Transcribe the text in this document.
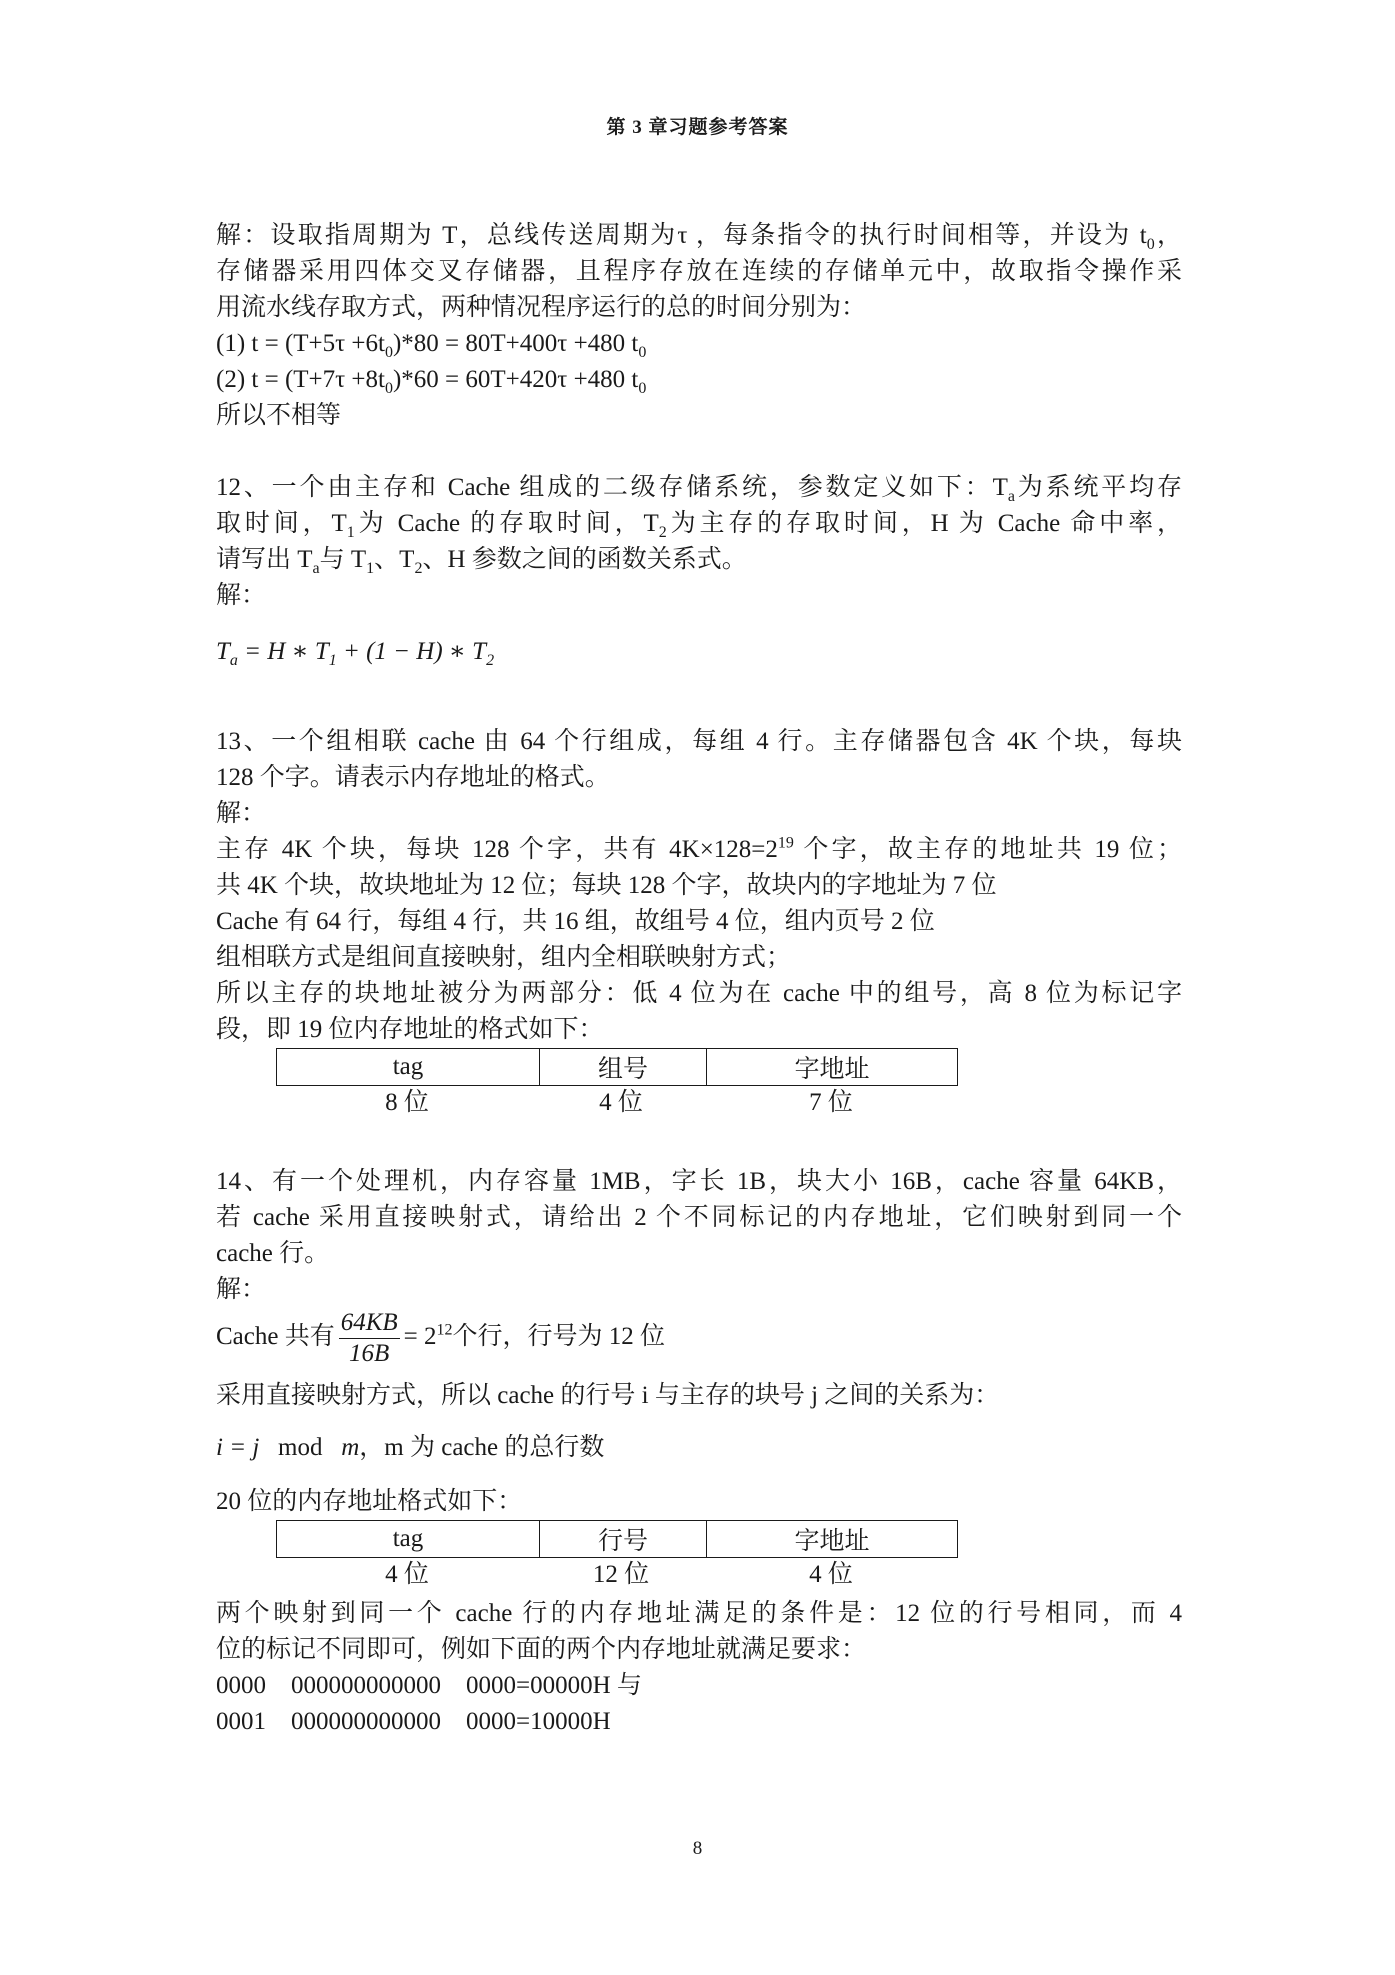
第 3 章习题参考答案
解：设取指周期为 T，总线传送周期为τ ，每条指令的执行时间相等，并设为 $t_0$，
存储器采用四体交叉存储器，且程序存放在连续的存储单元中，故取指令操作采
用流水线存取方式，两种情况程序运行的总的时间分别为：
(1) $t = (T+5\tau +6t_0)*80 = 80T+400\tau +480$ $t_0$
(2) $t = (T+7\tau +8t_0)*60 = 60T+420\tau +480$ $t_0$
所以不相等
12、一个由主存和 Cache 组成的二级存储系统，参数定义如下：$T_a$为系统平均存
取时间，$T_1$为 Cache 的存取时间，$T_2$为主存的存取时间，H 为 Cache 命中率，
请写出 $T_a$与 $T_1$、$T_2$、H 参数之间的函数关系式。
解：
$T_a = H$ ∗ $T_1 + (1 - H)$ ∗ $T_2$
13、一个组相联 cache 由 64 个行组成，每组 4 行。主存储器包含 4K 个块，每块
128 个字。请表示内存地址的格式。
解：
主存 4K 个块，每块 128 个字，共有 $4K\times 128=2^{19}$ 个字，故主存的地址共 19 位；
共 4K 个块，故块地址为 12 位；每块 128 个字，故块内的字地址为 7 位
Cache 有 64 行，每组 4 行，共 16 组，故组号 4 位，组内页号 2 位
组相联方式是组间直接映射，组内全相联映射方式；
所以主存的块地址被分为两部分：低 4 位为在 cache 中的组号，高 8 位为标记字
段，即 19 位内存地址的格式如下：
tag	组号	字地址
8 位	4 位	7 位
14、有一个处理机，内存容量 1MB，字长 1B，块大小 16B，cache 容量 64KB，
若 cache 采用直接映射式，请给出 2 个不同标记的内存地址，它们映射到同一个
cache 行。
解：
Cache 共有 $\frac{64KB}{16B} = 2^{12}$个行，行号为 12 位
采用直接映射方式，所以 cache 的行号 i 与主存的块号 j 之间的关系为：
i = j mod m，m 为 cache 的总行数
20 位的内存地址格式如下：
tag	行号	字地址
4 位	12 位	4 位
两个映射到同一个 cache 行的内存地址满足的条件是：12 位的行号相同，而 4
位的标记不同即可，例如下面的两个内存地址就满足要求：
0000    000000000000    0000=00000H 与
0001    000000000000    0000=10000H
8
